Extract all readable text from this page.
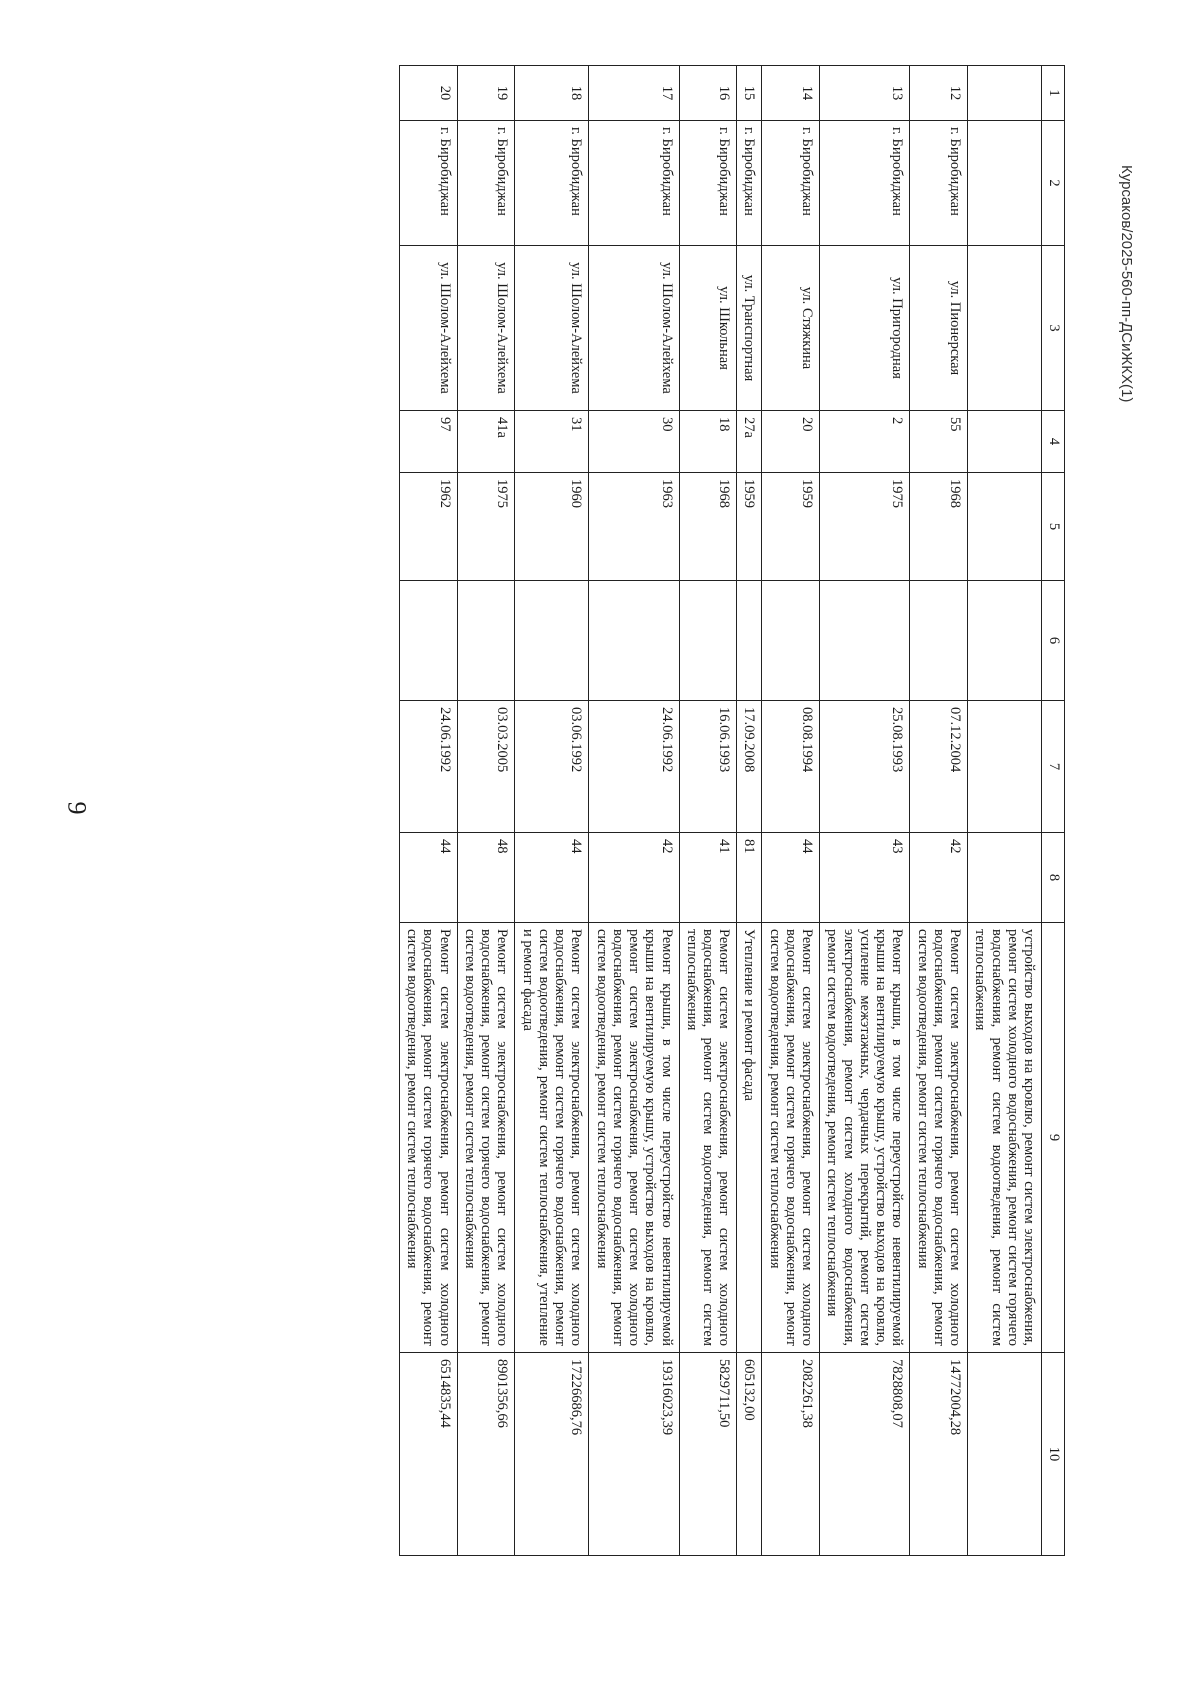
9
Курсаков/2025-560-пп-ДСиЖКХ(1)
1	2	3	4	5	6	7	8	9	10
								устройство выходов на кровлю, ремонт систем электроснабжения, ремонт систем холодного водоснабжения, ремонт систем горячего водоснабжения, ремонт систем водоотведения, ремонт систем теплоснабжения	
12	г. Биробиджан	ул. Пионерская	55	1968		07.12.2004	42	Ремонт систем электроснабжения, ремонт систем холодного водоснабжения, ремонт систем горячего водоснабжения, ремонт систем водоотведения, ремонт систем теплоснабжения	14772004,28
13	г. Биробиджан	ул. Пригородная	2	1975		25.08.1993	43	Ремонт крыши, в том числе переустройство невентилируемой крыши на вентилируемую крышу, устройство выходов на кровлю, усиление межэтажных, чердачных перекрытий, ремонт систем электроснабжения, ремонт систем холодного водоснабжения, ремонт систем водоотведения, ремонт систем теплоснабжения	7828808,07
14	г. Биробиджан	ул. Стяжкина	20	1959		08.08.1994	44	Ремонт систем электроснабжения, ремонт систем холодного водоснабжения, ремонт систем горячего водоснабжения, ремонт систем водоотведения, ремонт систем теплоснабжения	2082261,38
15	г. Биробиджан	ул. Транспортная	27а	1959		17.09.2008	81	Утепление и ремонт фасада	605132,00
16	г. Биробиджан	ул. Школьная	18	1968		16.06.1993	41	Ремонт систем электроснабжения, ремонт систем холодного водоснабжения, ремонт систем водоотведения, ремонт систем теплоснабжения	5829711,50
17	г. Биробиджан	ул. Шолом-Алейхема	30	1963		24.06.1992	42	Ремонт крыши, в том числе переустройство невентилируемой крыши на вентилируемую крышу, устройство выходов на кровлю, ремонт систем электроснабжения, ремонт систем холодного водоснабжения, ремонт систем горячего водоснабжения, ремонт систем водоотведения, ремонт систем теплоснабжения	19316023,39
18	г. Биробиджан	ул. Шолом-Алейхема	31	1960		03.06.1992	44	Ремонт систем электроснабжения, ремонт систем холодного водоснабжения, ремонт систем горячего водоснабжения, ремонт систем водоотведения, ремонт систем теплоснабжения, утепление и ремонт фасада	17226686,76
19	г. Биробиджан	ул. Шолом-Алейхема	41а	1975		03.03.2005	48	Ремонт систем электроснабжения, ремонт систем холодного водоснабжения, ремонт систем горячего водоснабжения, ремонт систем водоотведения, ремонт систем теплоснабжения	8901356,66
20	г. Биробиджан	ул. Шолом-Алейхема	97	1962		24.06.1992	44	Ремонт систем электроснабжения, ремонт систем холодного водоснабжения, ремонт систем горячего водоснабжения, ремонт систем водоотведения, ремонт систем теплоснабжения	6514835,44
